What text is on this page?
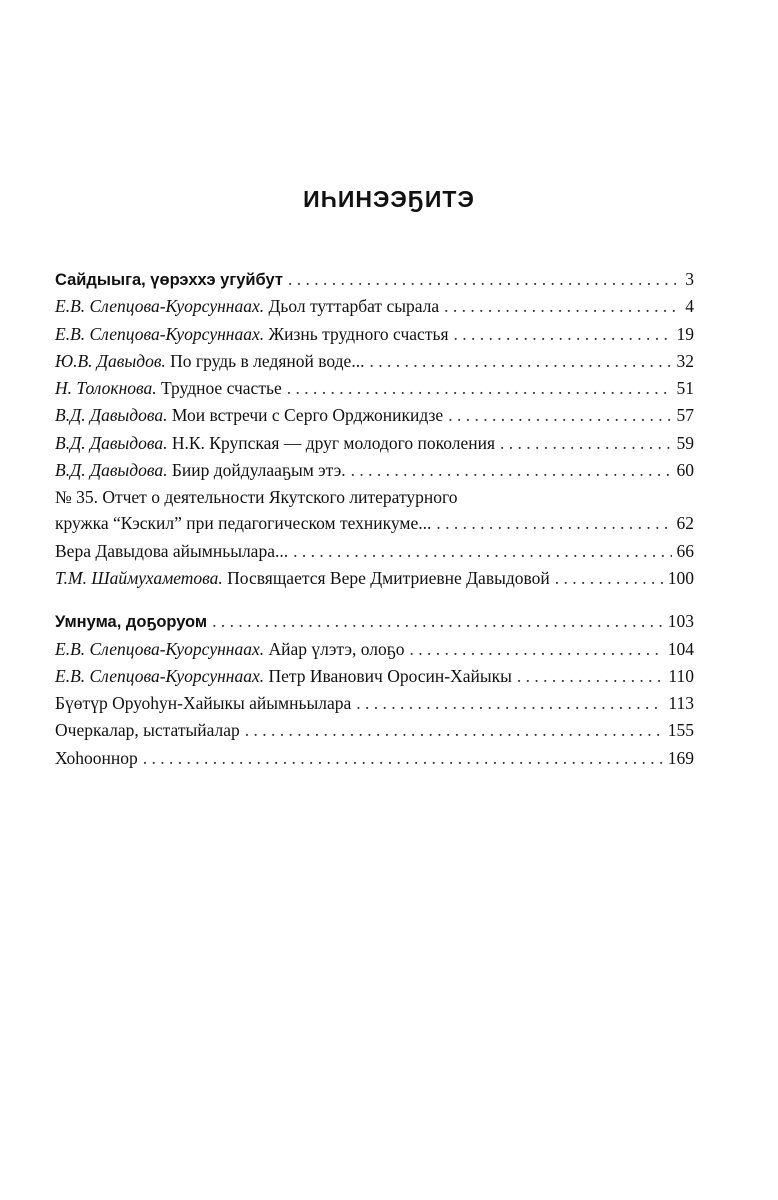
ИҺИНЭЭҔИТЭ
Сайдыыга, үөрэххэ угуйбут . . .	3
Е.В. Слепцова-Куорсуннаах. Дьол туттарбат сырала . . .	4
Е.В. Слепцова-Куорсуннаах. Жизнь трудного счастья . . .	19
Ю.В. Давыдов. По грудь в ледяной воде... . . .	32
Н. Толокнова. Трудное счастье . . .	51
В.Д. Давыдова. Мои встречи с Серго Орджоникидзе . . .	57
В.Д. Давыдова. Н.К. Крупская — друг молодого поколения . . .	59
В.Д. Давыдова. Биир дойдулааҕым этэ. . . .	60
№ 35. Отчет о деятельности Якутского литературного
кружка “Кэскил” при педагогическом техникуме... . . .	62
Вера Давыдова айымньылара... . . .	66
Т.М. Шаймухаметова. Посвящается Вере Дмитриевне Давыдовой . . .	100
Умнума, доҕоруом . . .	103
Е.В. Слепцова-Куорсуннаах. Айар үлэтэ, олоҕо . . .	104
Е.В. Слепцова-Куорсуннаах. Петр Иванович Оросин-Хайыкы . . .	110
Бүөтүр Оруоһун-Хайыкы айымньылара . . .	113
Очеркалар, ыстатыйалар . . .	155
Хоһооннор . . .	169
